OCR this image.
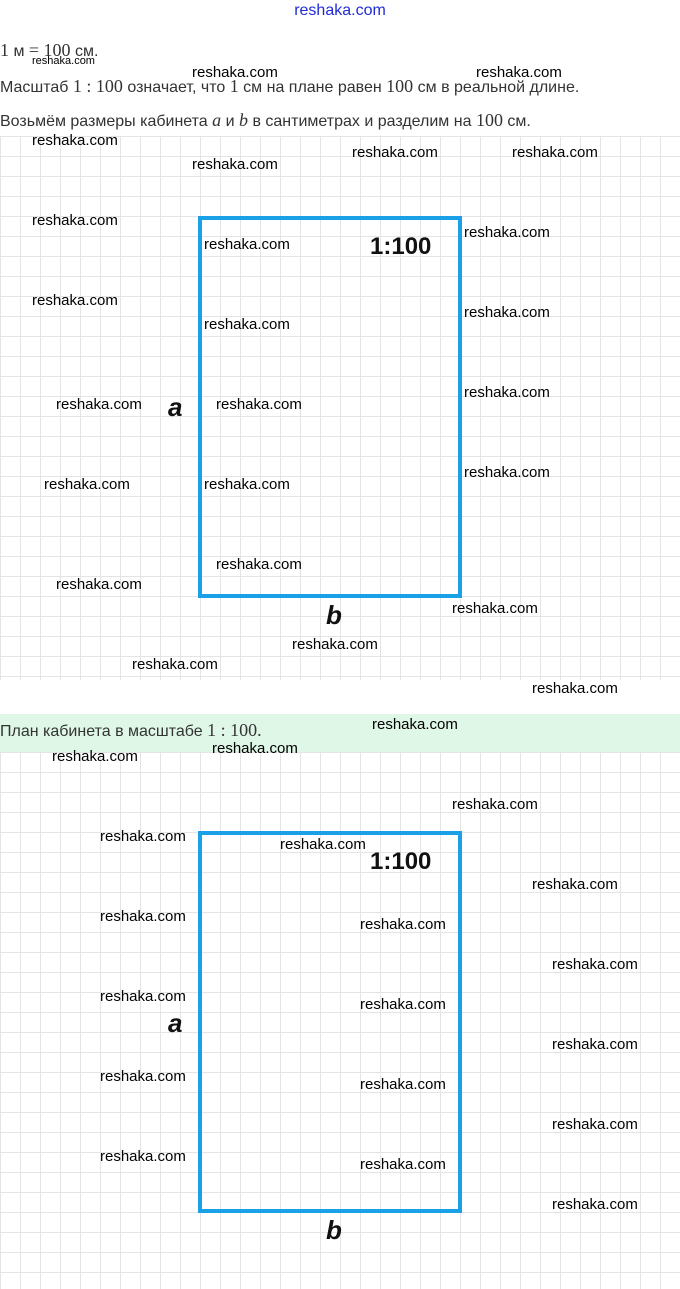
reshaka.com
1 м = 100 см.
Масштаб 1 : 100 означает, что 1 см на плане равен 100 см в реальной длине.
Возьмём размеры кабинета a и b в сантиметрах и разделим на 100 см.
1:100
a
b
План кабинета в масштабе 1 : 100.
1:100
a
b
reshaka.com
reshaka.com	reshaka.com
reshaka.com
reshaka.com	reshaka.com
reshaka.com
reshaka.com
reshaka.com
reshaka.com
reshaka.com
reshaka.com
reshaka.com
reshaka.com
reshaka.com	reshaka.com
reshaka.com
reshaka.com	reshaka.com
reshaka.com
reshaka.com
reshaka.com
reshaka.com
reshaka.com
reshaka.com
reshaka.com
reshaka.com
reshaka.com
reshaka.com
reshaka.com	reshaka.com
reshaka.com
reshaka.com	reshaka.com
reshaka.com
reshaka.com	reshaka.com
reshaka.com
reshaka.com	reshaka.com
reshaka.com
reshaka.com	reshaka.com
reshaka.com
